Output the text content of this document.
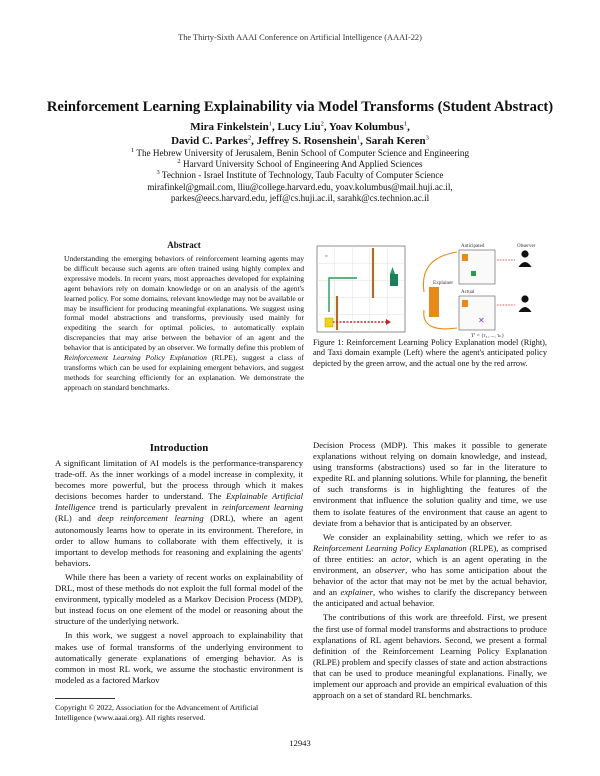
The Thirty-Sixth AAAI Conference on Artificial Intelligence (AAAI-22)
Reinforcement Learning Explainability via Model Transforms (Student Abstract)
Mira Finkelstein$^1$, Lucy Liu$^2$, Yoav Kolumbus$^1$,
David C. Parkes$^2$, Jeffrey S. Rosenshein$^1$, Sarah Keren$^3$
$^1$ The Hebrew University of Jerusalem, Benin School of Computer Science and Engineering
$^2$ Harvard University School of Engineering And Applied Sciences
$^3$ Technion - Israel Institute of Technology, Taub Faculty of Computer Science
mirafinkel@gmail.com, lliu@college.harvard.edu, yoav.kolumbus@mail.huji.ac.il,
parkes@eecs.harvard.edu, jeff@cs.huji.ac.il, sarahk@cs.technion.ac.il
Abstract
Understanding the emerging behaviors of reinforcement learning agents may be difficult because such agents are often trained using highly complex and expressive models. In recent years, most approaches developed for explaining agent behaviors rely on domain knowledge or on an analysis of the agent's learned policy. For some domains, relevant knowledge may not be available or may be insufficient for producing meaningful explanations. We suggest using formal model abstractions and transforms, previously used mainly for expediting the search for optimal policies, to automatically explain discrepancies that may arise between the behavior of an agent and the behavior that is anticipated by an observer. We formally define this problem of Reinforcement Learning Policy Explanation (RLPE), suggest a class of transforms which can be used for explaining emergent behaviors, and suggest methods for searching efficiently for an explanation. We demonstrate the approach on standard benchmarks.
▫
Anticipated
Actual
✕
Explainer
Observer
T' = {τ₁, ..., τₙ}
Figure 1: Reinforcement Learning Policy Explanation model (Right), and Taxi domain example (Left) where the agent's anticipated policy depicted by the green arrow, and the actual one by the red arrow.
Introduction

A significant limitation of AI models is the performance-transparency trade-off. As the inner workings of a model increase in complexity, it becomes more powerful, but the process through which it makes decisions becomes harder to understand. The Explainable Artificial Intelligence trend is particularly prevalent in reinforcement learning (RL) and deep reinforcement learning (DRL), where an agent autonomously learns how to operate in its environment. Therefore, in order to allow humans to collaborate with them effectively, it is important to develop methods for reasoning and explaining the agents' behaviors.

While there has been a variety of recent works on explainability of DRL, most of these methods do not exploit the full formal model of the environment, typically modeled as a Markov Decision Process (MDP), but instead focus on one element of the model or reasoning about the structure of the underlying network.

In this work, we suggest a novel approach to explainability that makes use of formal transforms of the underlying environment to automatically generate explanations of emerging behavior. As is common in most RL work, we assume the stochastic environment is modeled as a factored Markov

Decision Process (MDP). This makes it possible to generate explanations without relying on domain knowledge, and instead, using transforms (abstractions) used so far in the literature to expedite RL and planning solutions. While for planning, the benefit of such transforms is in highlighting the features of the environment that influence the solution quality and time, we use them to isolate features of the environment that cause an agent to deviate from a behavior that is anticipated by an observer.

We consider an explainability setting, which we refer to as Reinforcement Learning Policy Explanation (RLPE), as comprised of three entities: an actor, which is an agent operating in the environment, an observer, who has some anticipation about the behavior of the actor that may not be met by the actual behavior, and an explainer, who wishes to clarify the discrepancy between the anticipated and actual behavior.

The contributions of this work are threefold. First, we present the first use of formal model transforms and abstractions to produce explanations of RL agent behaviors. Second, we present a formal definition of the Reinforcement Learning Policy Explanation (RLPE) problem and specify classes of state and action abstractions that can be used to produce meaningful explanations. Finally, we implement our approach and provide an empirical evaluation of this approach on a set of standard RL benchmarks.

Copyright © 2022, Association for the Advancement of Artificial
Intelligence (www.aaai.org). All rights reserved.
12943
